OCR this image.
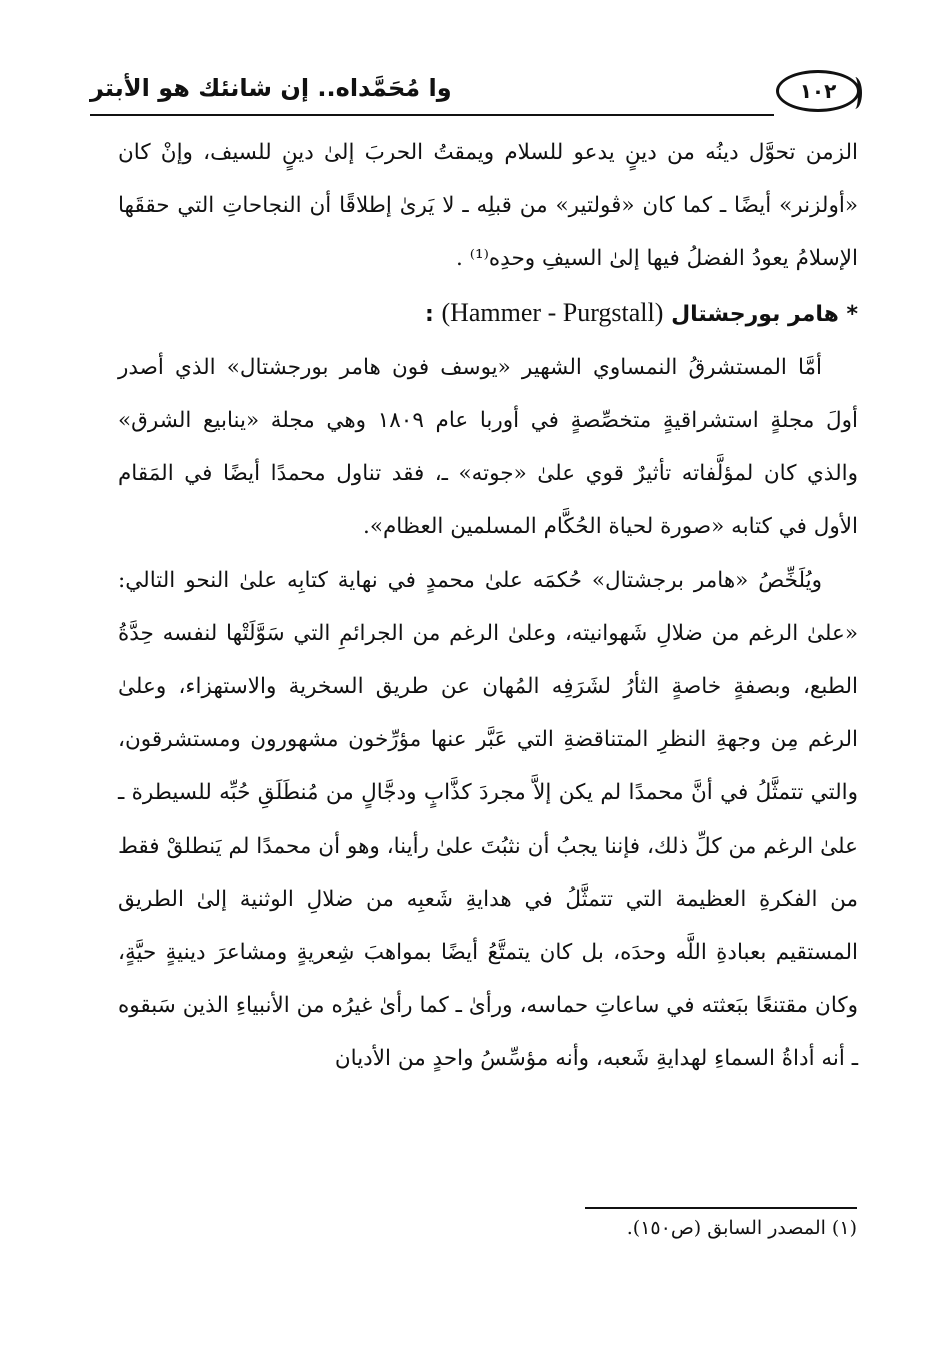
١٠٢
وا مُحَمَّداه.. إن شانئك هو الأبتر

الزمن تحوَّل دينُه من دينٍ يدعو للسلام ويمقتُ الحربَ إلىٰ دينٍ للسيف، وإنْ كان «أولزنر» أيضًا ـ كما كان «ڤولتير» من قبلِه ـ لا يَرىٰ إطلاقًا أن النجاحاتِ التي حققَها الإسلامُ يعودُ الفضلُ فيها إلىٰ السيفِ وحدِه⁽¹⁾ .

* هامر بورجشتال (Hammer - Purgstall) :

أمَّا المستشرقُ النمساوي الشهير «يوسف فون هامر بورجشتال» الذي أصدر أولَ مجلةٍ استشراقيةٍ متخصِّصةٍ في أوربا عام ١٨٠٩ وهي مجلة «ينابيع الشرق» والذي كان لمؤلَّفاته تأثيرٌ قوي علىٰ «جوته» ـ، فقد تناول محمدًا أيضًا في المَقام الأول في كتابه «صورة لحياة الحُكَّام المسلمين العظام».

ويُلَخِّصُ «هامر برجشتال» حُكمَه علىٰ محمدٍ في نهاية كتابِه علىٰ النحو التالي: «علىٰ الرغم من ضلالِ شَهوانيته، وعلىٰ الرغم من الجرائمِ التي سَوَّلَتْها لنفسه حِدَّةُ الطبع، وبصفةٍ خاصةٍ الثأرُ لشَرَفِه المُهان عن طريق السخرية والاستهزاء، وعلىٰ الرغم مِن وجهةِ النظرِ المتناقضةِ التي عَبَّر عنها مؤرِّخون مشهورون ومستشرقون، والتي تتمثَّلُ في أنَّ محمدًا لم يكن إلاَّ مجردَ كذَّابٍ ودجَّالٍ من مُنطَلَقِ حُبِّه للسيطرة ـ علىٰ الرغم من كلِّ ذلك، فإننا يجبُ أن نثبُتَ علىٰ رأينا، وهو أن محمدًا لم يَنطلقْ فقط من الفكرةِ العظيمة التي تتمثَّلُ في هدايةِ شَعبِه من ضلالِ الوثنية إلىٰ الطريق المستقيم بعبادةِ اللَّه وحدَه، بل كان يتمتَّعُ أيضًا بمواهبَ شِعريةٍ ومشاعرَ دينيةٍ حيَّةٍ، وكان مقتنعًا ببَعثته في ساعاتِ حماسه، ورأىٰ ـ كما رأىٰ غيرُه من الأنبياءِ الذين سَبقوه ـ أنه أداةُ السماءِ لهدايةِ شَعبه، وأنه مؤسِّسُ واحدٍ من الأديان

(١) المصدر السابق (ص١٥٠).
